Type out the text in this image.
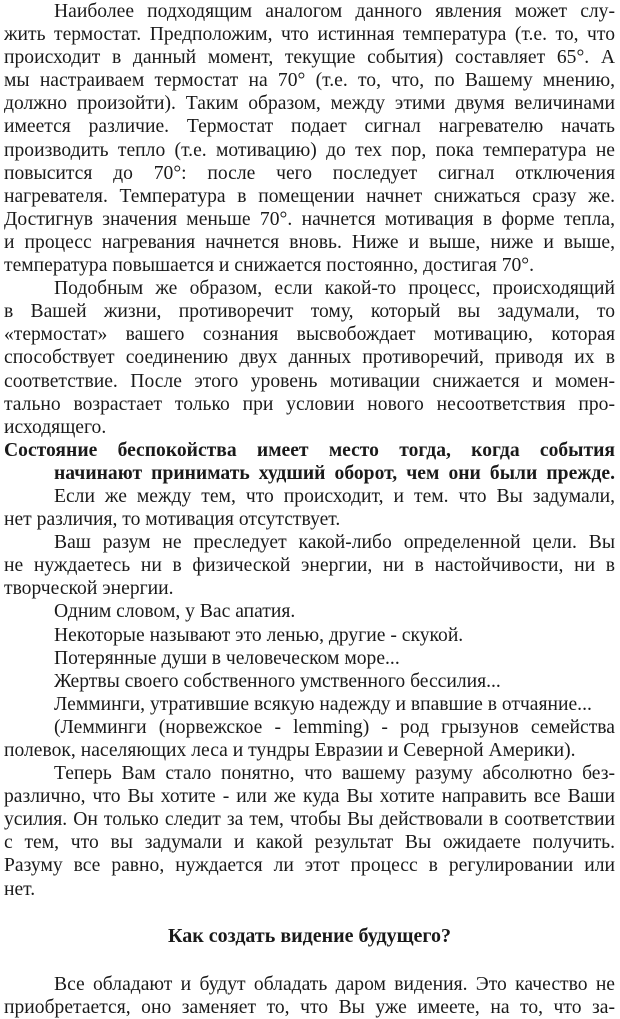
Наиболее подходящим аналогом данного явления может слу-
жить термостат. Предположим, что истинная температура (т.е. то, что
происходит в данный момент, текущие события) составляет 65°. А
мы настраиваем термостат на 70° (т.е. то, что, по Вашему мнению,
должно произойти). Таким образом, между этими двумя величинами
имеется различие. Термостат подает сигнал нагревателю начать
производить тепло (т.е. мотивацию) до тех пор, пока температура не
повысится до 70°: после чего последует сигнал отключения
нагревателя. Температура в помещении начнет снижаться сразу же.
Достигнув значения меньше 70°. начнется мотивация в форме тепла,
и процесс нагревания начнется вновь. Ниже и выше, ниже и выше,
температура повышается и снижается постоянно, достигая 70°.
Подобным же образом, если какой-то процесс, происходящий
в Вашей жизни, противоречит тому, который вы задумали, то
«термостат» вашего сознания высвобождает мотивацию, которая
способствует соединению двух данных противоречий, приводя их в
соответствие. После этого уровень мотивации снижается и момен-
тально возрастает только при условии нового несоответствия про-
исходящего.
Состояние беспокойства имеет место тогда, когда события
начинают принимать худший оборот, чем они были прежде.
Если же между тем, что происходит, и тем. что Вы задумали,
нет различия, то мотивация отсутствует.
Ваш разум не преследует какой-либо определенной цели. Вы
не нуждаетесь ни в физической энергии, ни в настойчивости, ни в
творческой энергии.
Одним словом, у Вас апатия.
Некоторые называют это ленью, другие - скукой.
Потерянные души в человеческом море...
Жертвы своего собственного умственного бессилия...
Лемминги, утратившие всякую надежду и впавшие в отчаяние...
(Лемминги (норвежское - lemming) - род грызунов семейства
полевок, населяющих леса и тундры Евразии и Северной Америки).
Теперь Вам стало понятно, что вашему разуму абсолютно без-
различно, что Вы хотите - или же куда Вы хотите направить все Ваши
усилия. Он только следит за тем, чтобы Вы действовали в соответствии
с тем, что вы задумали и какой результат Вы ожидаете получить.
Разуму все равно, нуждается ли этот процесс в регулировании или
нет.
Как создать видение будущего?
Все обладают и будут обладать даром видения. Это качество не
приобретается, оно заменяет то, что Вы уже имеете, на то, что за-
